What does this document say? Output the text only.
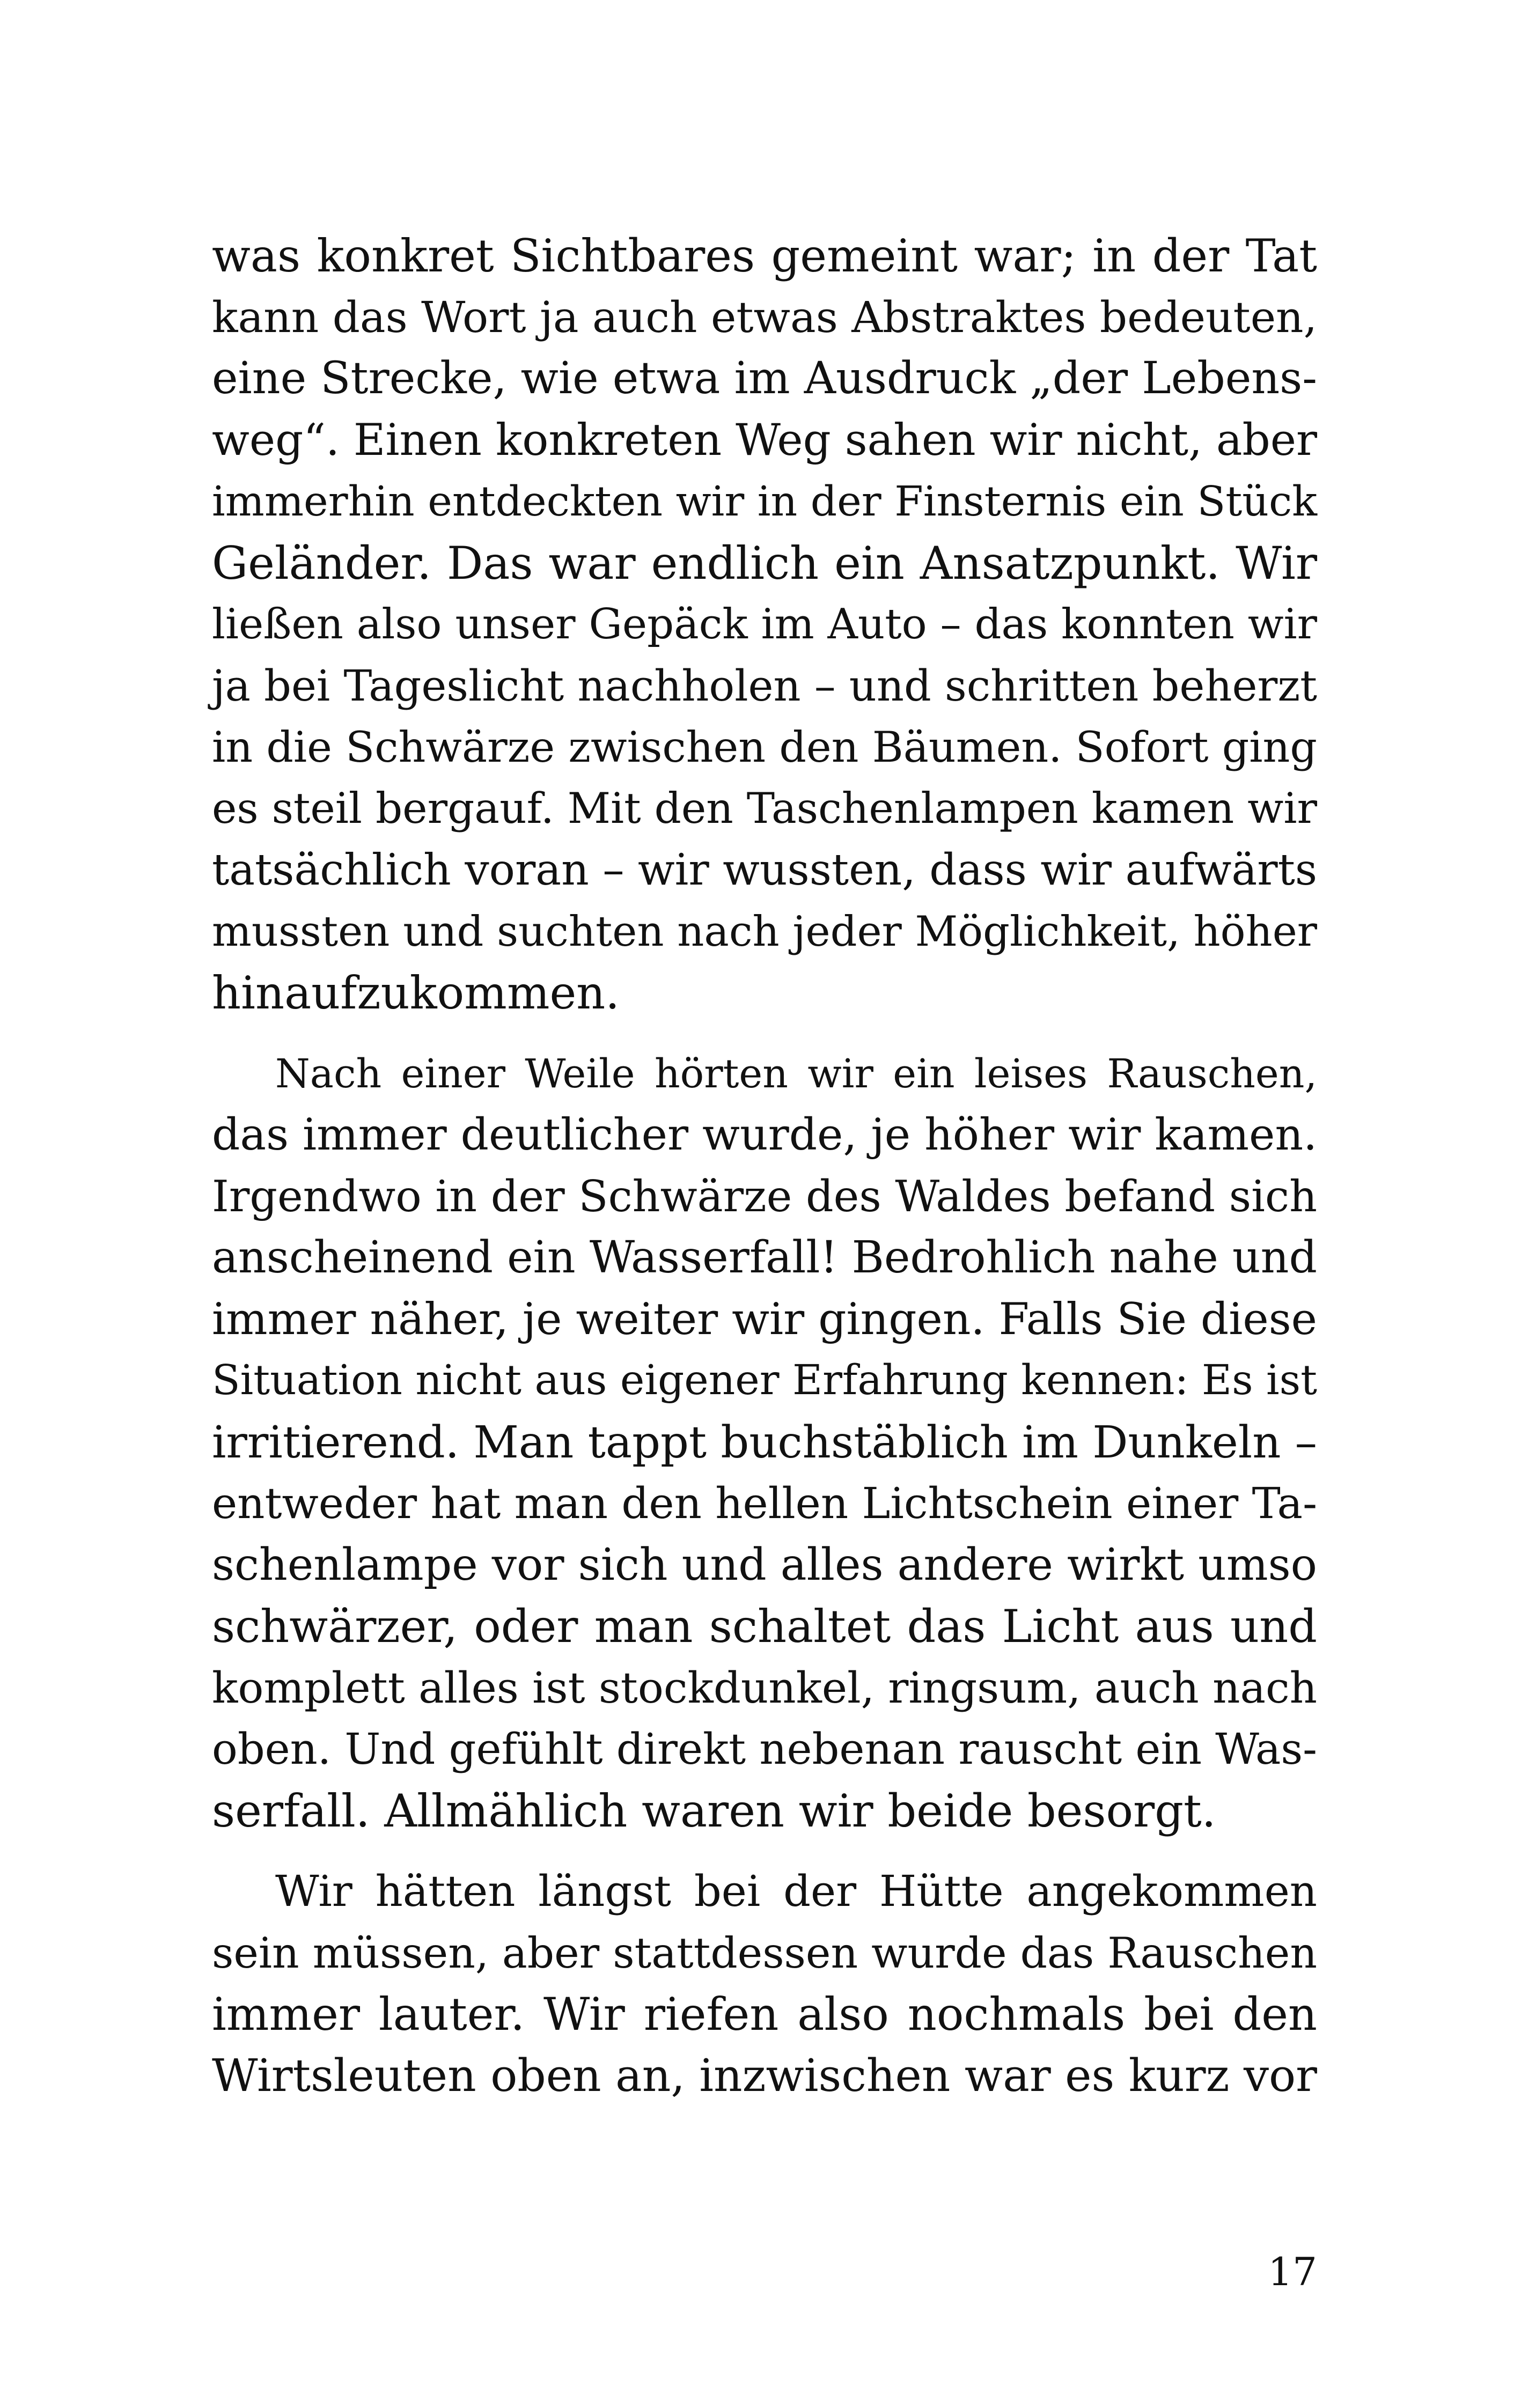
was konkret Sichtbares gemeint war; in der Tat
kann das Wort ja auch etwas Abstraktes bedeuten,
eine Strecke, wie etwa im Ausdruck „der Lebens-
weg“. Einen konkreten Weg sahen wir nicht, aber
immerhin entdeckten wir in der Finsternis ein Stück
Geländer. Das war endlich ein Ansatzpunkt. Wir
ließen also unser Gepäck im Auto – das konnten wir
ja bei Tageslicht nachholen – und schritten beherzt
in die Schwärze zwischen den Bäumen. Sofort ging
es steil bergauf. Mit den Taschenlampen kamen wir
tatsächlich voran – wir wussten, dass wir aufwärts
mussten und suchten nach jeder Möglichkeit, höher
hinaufzukommen.
Nach einer Weile hörten wir ein leises Rauschen,
das immer deutlicher wurde, je höher wir kamen.
Irgendwo in der Schwärze des Waldes befand sich
anscheinend ein Wasserfall! Bedrohlich nahe und
immer näher, je weiter wir gingen. Falls Sie diese
Situation nicht aus eigener Erfahrung kennen: Es ist
irritierend. Man tappt buchstäblich im Dunkeln –
entweder hat man den hellen Lichtschein einer Ta-
schenlampe vor sich und alles andere wirkt umso
schwärzer, oder man schaltet das Licht aus und
komplett alles ist stockdunkel, ringsum, auch nach
oben. Und gefühlt direkt nebenan rauscht ein Was-
serfall. Allmählich waren wir beide besorgt.
Wir hätten längst bei der Hütte angekommen
sein müssen, aber stattdessen wurde das Rauschen
immer lauter. Wir riefen also nochmals bei den
Wirtsleuten oben an, inzwischen war es kurz vor
17
